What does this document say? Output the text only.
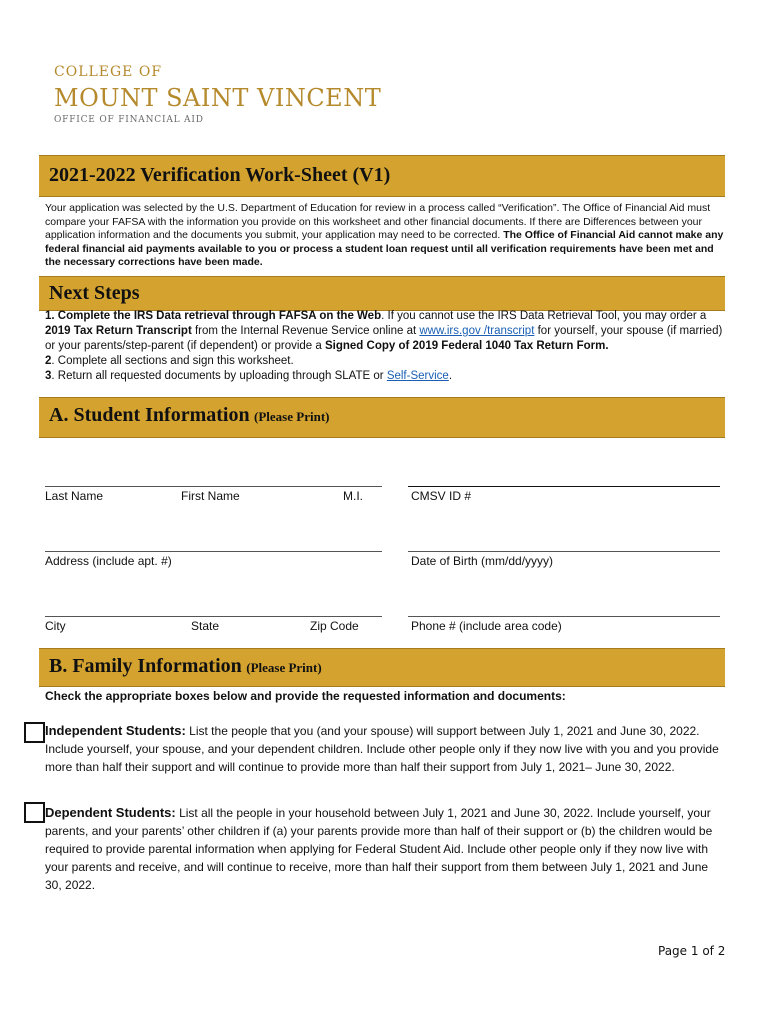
COLLEGE OF
MOUNT SAINT VINCENT
OFFICE OF FINANCIAL AID
2021-2022 Verification Work-Sheet (V1)
Your application was selected by the U.S. Department of Education for review in a process called “Verification”. The Office of Financial Aid must compare your FAFSA with the information you provide on this worksheet and other financial documents. If there are Differences between your application information and the documents you submit, your application may need to be corrected. The Office of Financial Aid cannot make any federal financial aid payments available to you or process a student loan request until all verification requirements have been met and the necessary corrections have been made.
Next Steps
1. Complete the IRS Data retrieval through FAFSA on the Web. If you cannot use the IRS Data Retrieval Tool, you may order a 2019 Tax Return Transcript from the Internal Revenue Service online at www.irs.gov /transcript for yourself, your spouse (if married) or your parents/step-parent (if dependent) or provide a Signed Copy of 2019 Federal 1040 Tax Return Form.
2. Complete all sections and sign this worksheet.
3. Return all requested documents by uploading through SLATE or Self-Service.
A. Student Information (Please Print)
Last Name	First Name	M.I.	CMSV ID #
Address (include apt. #)	Date of Birth (mm/dd/yyyy)
City	State	Zip Code	Phone # (include area code)
B. Family Information (Please Print)
Check the appropriate boxes below and provide the requested information and documents:
Independent Students: List the people that you (and your spouse) will support between July 1, 2021 and June 30, 2022. Include yourself, your spouse, and your dependent children. Include other people only if they now live with you and you provide more than half their support and will continue to provide more than half their support from July 1, 2021– June 30, 2022.
Dependent Students: List all the people in your household between July 1, 2021 and June 30, 2022. Include yourself, your parents, and your parents’ other children if (a) your parents provide more than half of their support or (b) the children would be required to provide parental information when applying for Federal Student Aid. Include other people only if they now live with your parents and receive, and will continue to receive, more than half their support from them between July 1, 2021 and June 30, 2022.
Page 1 of 2
